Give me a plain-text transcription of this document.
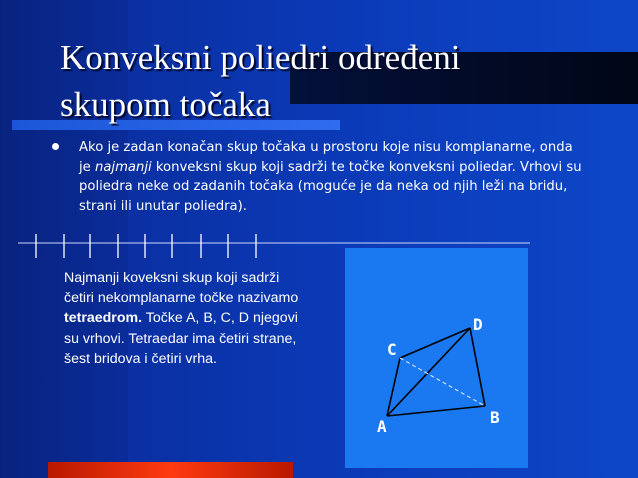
Konveksni poliedri određeni
skupom točaka
Ako je zadan konačan skup točaka u prostoru koje nisu komplanarne, onda je najmanji konveksni skup koji sadrži te točke konveksni poliedar. Vrhovi su poliedra neke od zadanih točaka (moguće je da neka od njih leži na bridu, strani ili unutar poliedra).
Najmanji koveksni skup koji sadrži četiri nekomplanarne točke nazivamo tetraedrom. Točke A, B, C, D njegovi su vrhovi. Tetraedar ima četiri strane, šest bridova i četiri vrha.
A	B
C
D
